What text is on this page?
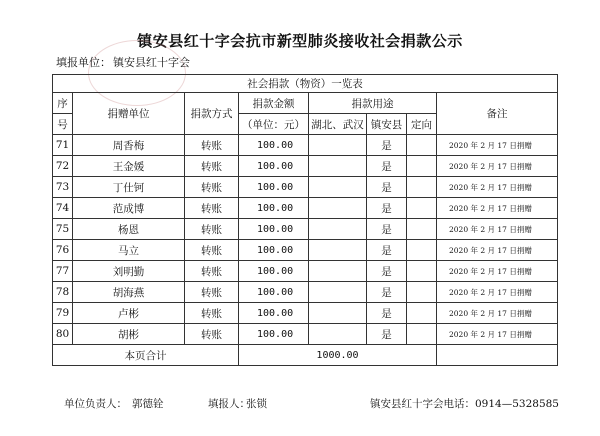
镇安县红十字会抗市新型肺炎接收社会捐款公示
填报单位： 镇安县红十字会
社会捐款（物资）一览表							
序	捐赠单位	捐款方式	捐款金额	捐款用途			备注
号			（单位：元）	湖北、武汉	镇安县	定向	
71	周香梅	转账	100.00		是		2020 年 2 月 17 日捐赠
72	王金媛	转账	100.00		是		2020 年 2 月 17 日捐赠
73	丁仕钶	转账	100.00		是		2020 年 2 月 17 日捐赠
74	范成博	转账	100.00		是		2020 年 2 月 17 日捐赠
75	杨恩	转账	100.00		是		2020 年 2 月 17 日捐赠
76	马立	转账	100.00		是		2020 年 2 月 17 日捐赠
77	刘明勤	转账	100.00		是		2020 年 2 月 17 日捐赠
78	胡海燕	转账	100.00		是		2020 年 2 月 17 日捐赠
79	卢彬	转账	100.00		是		2020 年 2 月 17 日捐赠
80	胡彬	转账	100.00		是		2020 年 2 月 17 日捐赠
本页合计			1000.00				
单位负责人： 郭德铨	填报人：
张锁	镇安县红十字会电话：0914—5328585
